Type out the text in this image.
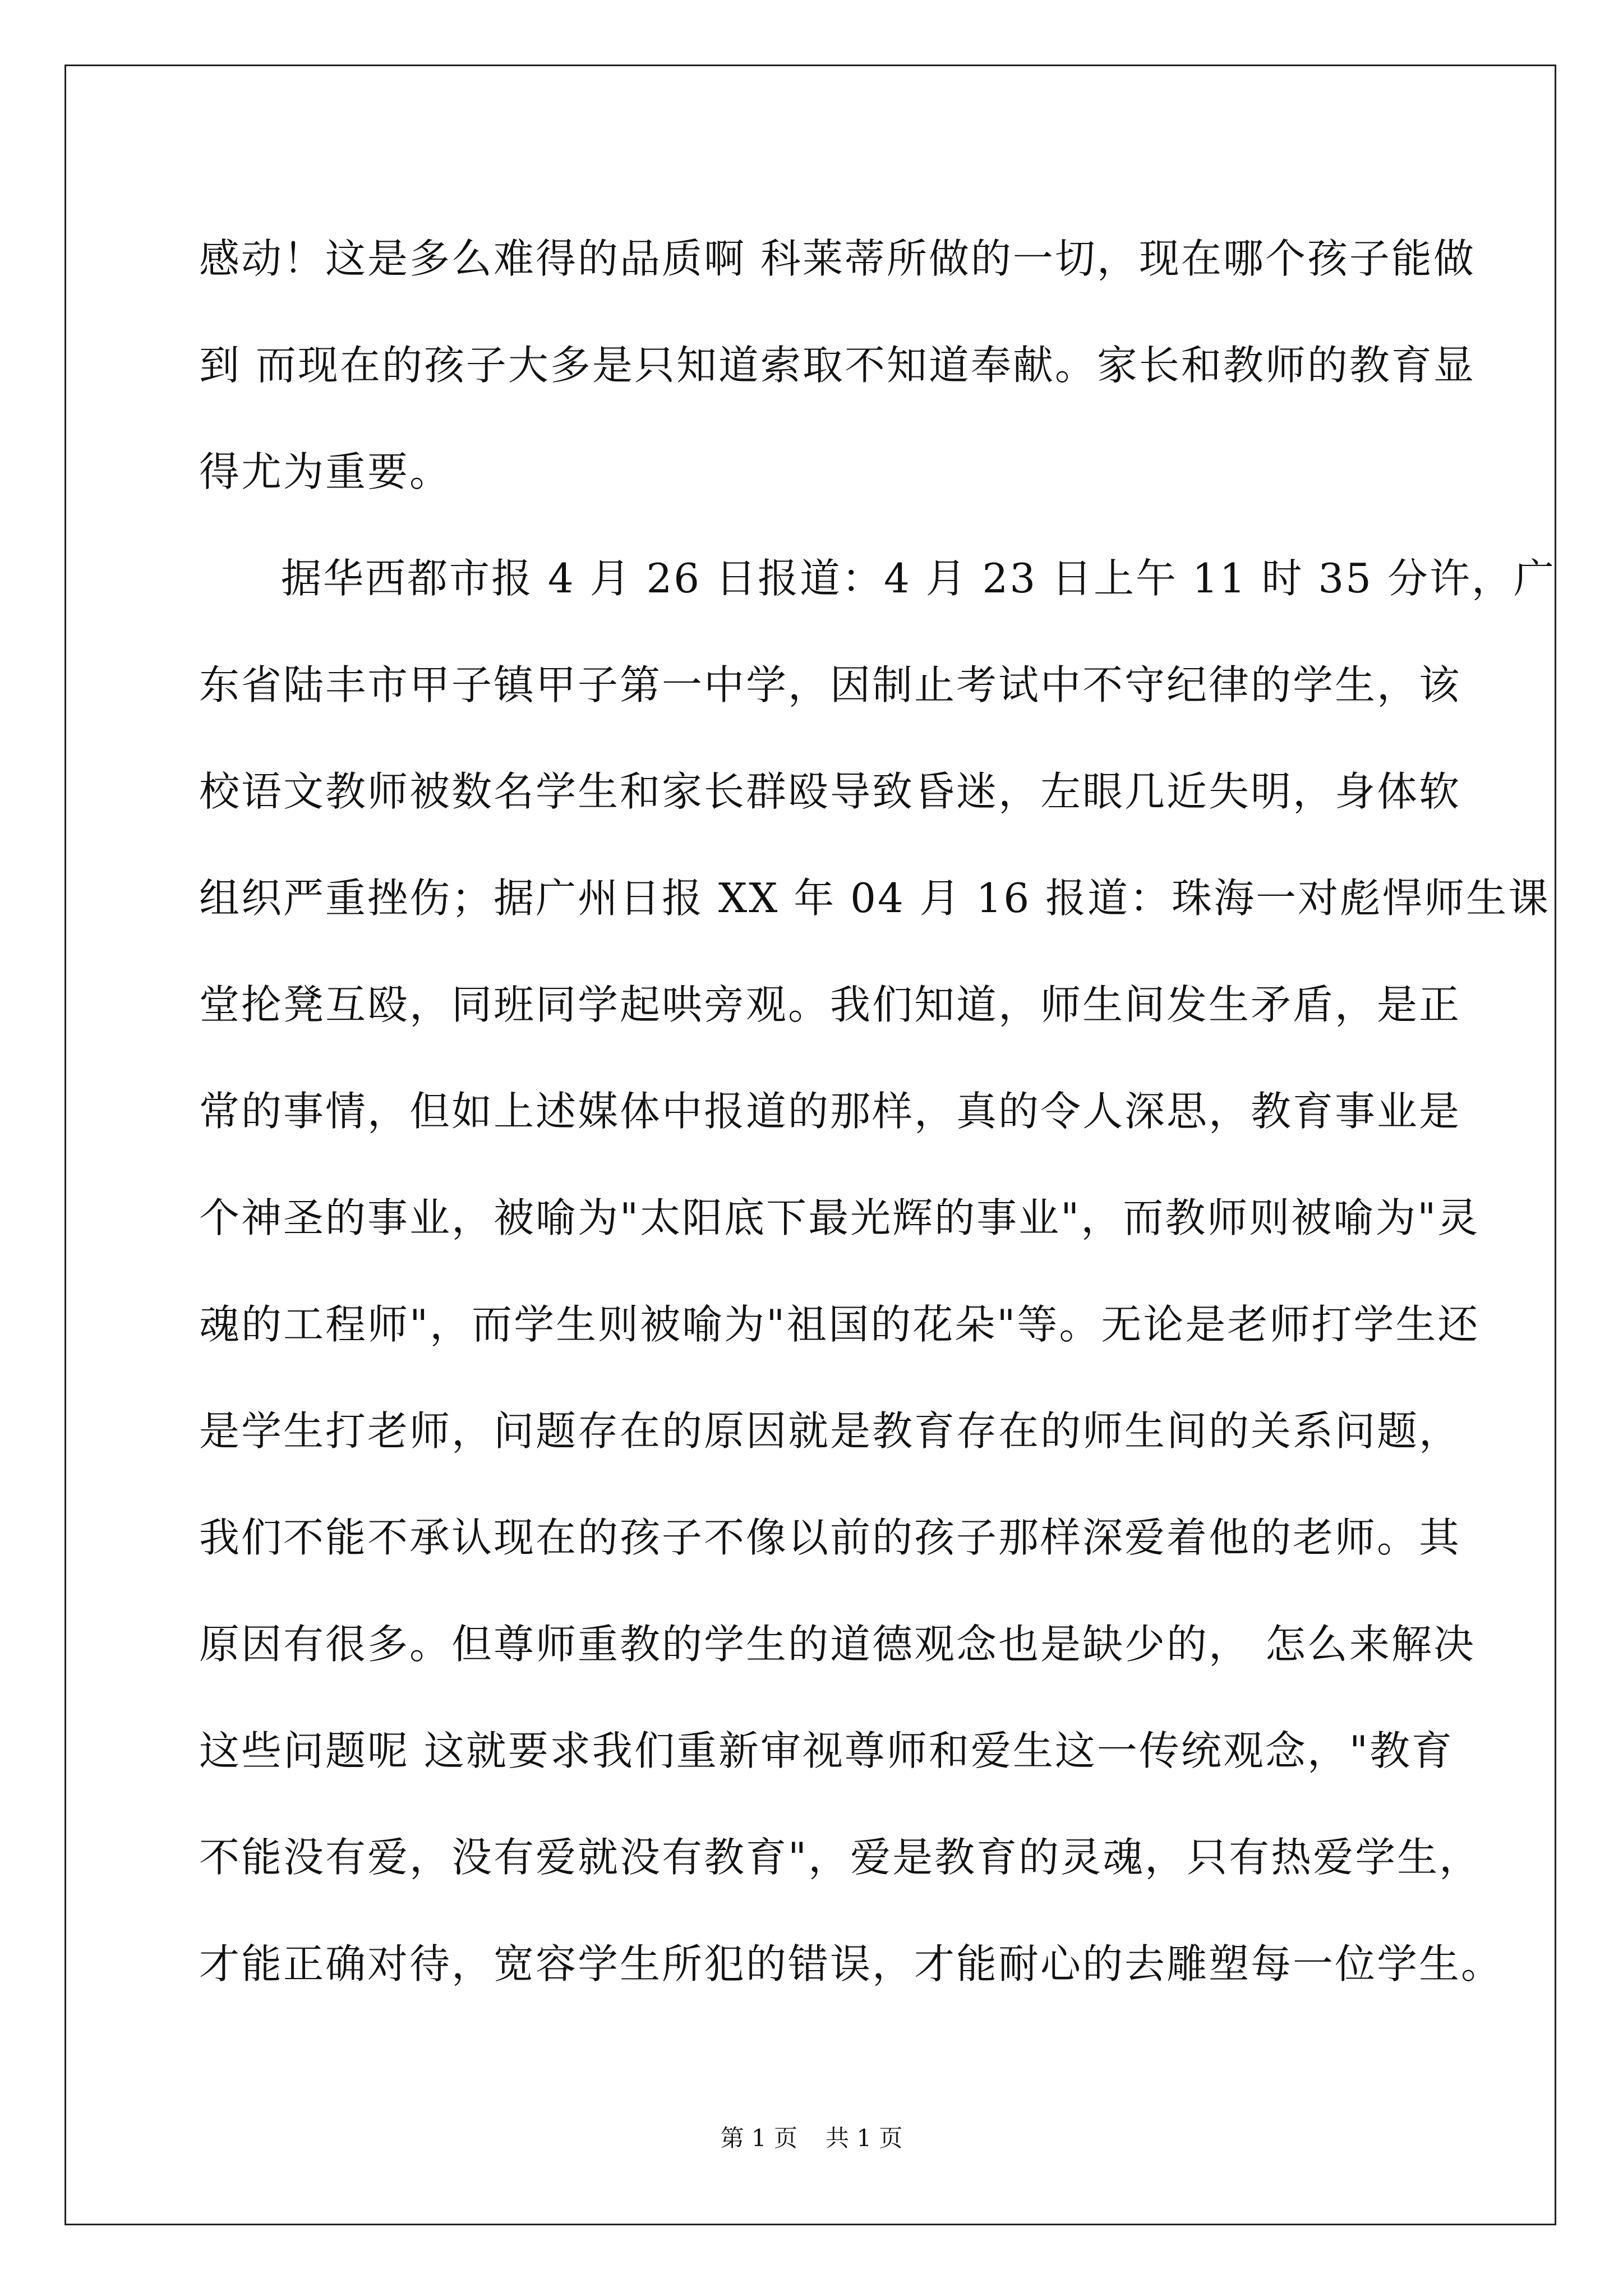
感动！这是多么难得的品质啊 科莱蒂所做的一切，现在哪个孩子能做
到 而现在的孩子大多是只知道索取不知道奉献。家长和教师的教育显
得尤为重要。

据华西都市报 4 月 26 日报道：4 月 23 日上午 11 时 35 分许，广
东省陆丰市甲子镇甲子第一中学，因制止考试中不守纪律的学生，该
校语文教师被数名学生和家长群殴导致昏迷，左眼几近失明，身体软
组织严重挫伤；据广州日报 XX 年 04 月 16 报道：珠海一对彪悍师生课
堂抡凳互殴，同班同学起哄旁观。我们知道，师生间发生矛盾，是正
常的事情，但如上述媒体中报道的那样，真的令人深思，教育事业是
个神圣的事业，被喻为"太阳底下最光辉的事业"，而教师则被喻为"灵
魂的工程师"，而学生则被喻为"祖国的花朵"等。无论是老师打学生还
是学生打老师，问题存在的原因就是教育存在的师生间的关系问题，
我们不能不承认现在的孩子不像以前的孩子那样深爱着他的老师。其
原因有很多。但尊师重教的学生的道德观念也是缺少的， 怎么来解决
这些问题呢 这就要求我们重新审视尊师和爱生这一传统观念，"教育
不能没有爱，没有爱就没有教育"，爱是教育的灵魂，只有热爱学生，
才能正确对待，宽容学生所犯的错误，才能耐心的去雕塑每一位学生。

第 1 页 共 1 页
